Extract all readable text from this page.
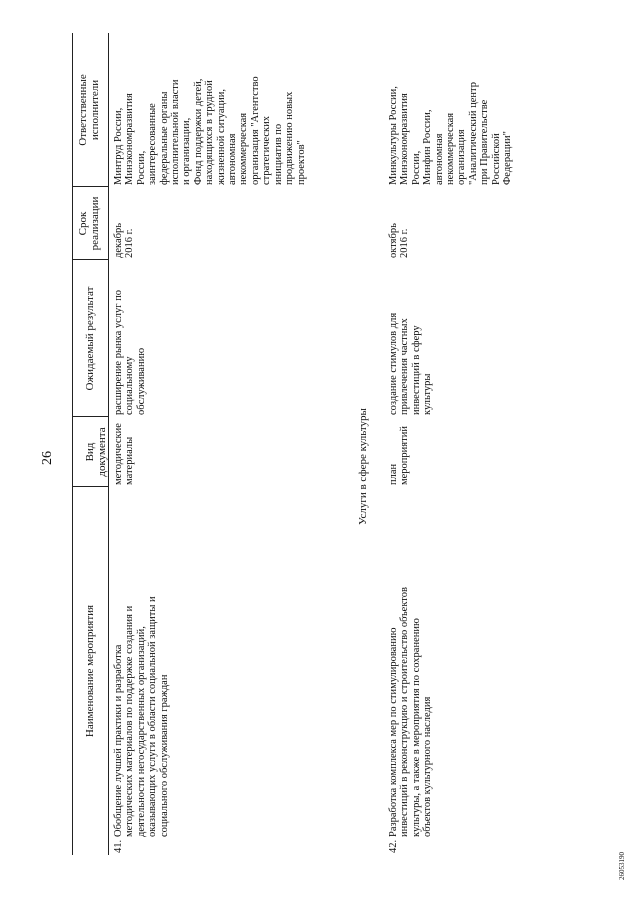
26
Наименование мероприятия
Вид документа
Ожидаемый результат
Срок реализации
Ответственные исполнители
41.
Обобщение лучшей практики и разработка методических материалов по поддержке создания и деятельности негосударственных организаций, оказывающих услуги в области социальной защиты и социального обслуживания граждан
методические материалы
расширение рынка услуг по социальному обслуживанию
декабрь 2016 г.
Минтруд России, Минэкономразвития России, заинтересованные федеральные органы исполнительной власти и организации, Фонд поддержки детей, находящихся в трудной жизненной ситуации, автономная некоммерческая организация "Агентство стратегических инициатив по продвижению новых проектов"
Услуги в сфере культуры
42.
Разработка комплекса мер по стимулированию инвестиций в реконструкцию и строительство объектов культуры, а также в мероприятия по сохранению объектов культурного наследия
план мероприятий
создание стимулов для привлечения частных инвестиций в сферу культуры
октябрь 2016 г.
Минкультуры России, Минэкономразвития России, Минфин России, автономная некоммерческая организация "Аналитический центр при Правительстве Российской Федерации"
26053190
